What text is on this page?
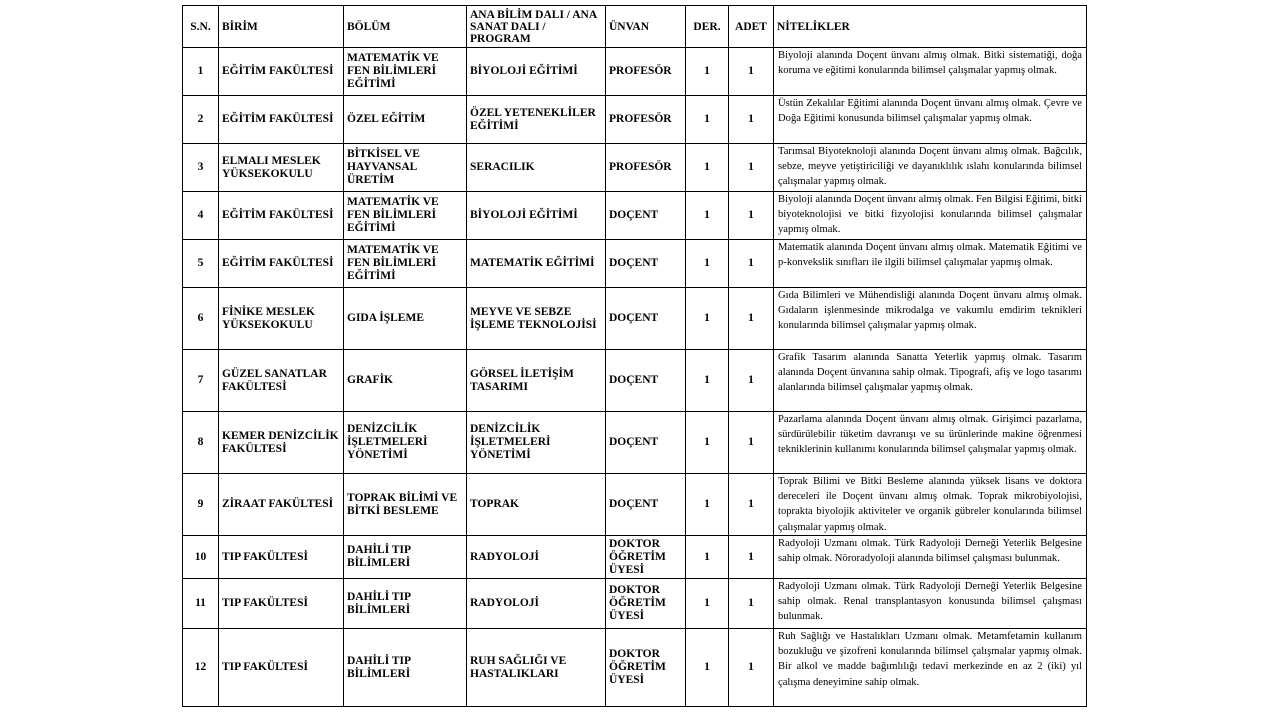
S.N.	BİRİM	BÖLÜM	ANA BİLİM DALI / ANA SANAT DALI / PROGRAM	ÜNVAN	DER.	ADET	NİTELİKLER
1	EĞİTİM FAKÜLTESİ	MATEMATİK VE FEN BİLİMLERİ EĞİTİMİ	BİYOLOJİ EĞİTİMİ	PROFESÖR	1	1	Biyoloji alanında Doçent ünvanı almış olmak. Bitki sistematiği, doğa koruma ve eğitimi konularında bilimsel çalışmalar yapmış olmak.
2	EĞİTİM FAKÜLTESİ	ÖZEL EĞİTİM	ÖZEL YETENEKLİLER EĞİTİMİ	PROFESÖR	1	1	Üstün Zekalılar Eğitimi alanında Doçent ünvanı almış olmak. Çevre ve Doğa Eğitimi konusunda bilimsel çalışmalar yapmış olmak.
3	ELMALI MESLEK YÜKSEKOKULU	BİTKİSEL VE HAYVANSAL ÜRETİM	SERACILIK	PROFESÖR	1	1	Tarımsal Biyoteknoloji alanında Doçent ünvanı almış olmak. Bağcılık, sebze, meyve yetiştiriciliği ve dayanıklılık ıslahı konularında bilimsel çalışmalar yapmış olmak.
4	EĞİTİM FAKÜLTESİ	MATEMATİK VE FEN BİLİMLERİ EĞİTİMİ	BİYOLOJİ EĞİTİMİ	DOÇENT	1	1	Biyoloji alanında Doçent ünvanı almış olmak. Fen Bilgisi Eğitimi, bitki biyoteknolojisi ve bitki fizyolojisi konularında bilimsel çalışmalar yapmış olmak.
5	EĞİTİM FAKÜLTESİ	MATEMATİK VE FEN BİLİMLERİ EĞİTİMİ	MATEMATİK EĞİTİMİ	DOÇENT	1	1	Matematik alanında Doçent ünvanı almış olmak. Matematik Eğitimi ve p-konvekslik sınıfları ile ilgili bilimsel çalışmalar yapmış olmak.
6	FİNİKE MESLEK YÜKSEKOKULU	GIDA İŞLEME	MEYVE VE SEBZE İŞLEME TEKNOLOJİSİ	DOÇENT	1	1	Gıda Bilimleri ve Mühendisliği alanında Doçent ünvanı almış olmak. Gıdaların işlenmesinde mikrodalga ve vakumlu emdirim teknikleri konularında bilimsel çalışmalar yapmış olmak.
7	GÜZEL SANATLAR FAKÜLTESİ	GRAFİK	GÖRSEL İLETİŞİM TASARIMI	DOÇENT	1	1	Grafik Tasarım alanında Sanatta Yeterlik yapmış olmak. Tasarım alanında Doçent ünvanına sahip olmak. Tipografi, afiş ve logo tasarımı alanlarında bilimsel çalışmalar yapmış olmak.
8	KEMER DENİZCİLİK FAKÜLTESİ	DENİZCİLİK İŞLETMELERİ YÖNETİMİ	DENİZCİLİK İŞLETMELERİ YÖNETİMİ	DOÇENT	1	1	Pazarlama alanında Doçent ünvanı almış olmak. Girişimci pazarlama, sürdürülebilir tüketim davranışı ve su ürünlerinde makine öğrenmesi tekniklerinin kullanımı konularında bilimsel çalışmalar yapmış olmak.
9	ZİRAAT FAKÜLTESİ	TOPRAK BİLİMİ VE BİTKİ BESLEME	TOPRAK	DOÇENT	1	1	Toprak Bilimi ve Bitki Besleme alanında yüksek lisans ve doktora dereceleri ile Doçent ünvanı almış olmak. Toprak mikrobiyolojisi, toprakta biyolojik aktiviteler ve organik gübreler konularında bilimsel çalışmalar yapmış olmak.
10	TIP FAKÜLTESİ	DAHİLİ TIP BİLİMLERİ	RADYOLOJİ	DOKTOR ÖĞRETİM ÜYESİ	1	1	Radyoloji Uzmanı olmak. Türk Radyoloji Derneği Yeterlik Belgesine sahip olmak. Nöroradyoloji alanında bilimsel çalışması bulunmak.
11	TIP FAKÜLTESİ	DAHİLİ TIP BİLİMLERİ	RADYOLOJİ	DOKTOR ÖĞRETİM ÜYESİ	1	1	Radyoloji Uzmanı olmak. Türk Radyoloji Derneği Yeterlik Belgesine sahip olmak. Renal transplantasyon konusunda bilimsel çalışması bulunmak.
12	TIP FAKÜLTESİ	DAHİLİ TIP BİLİMLERİ	RUH SAĞLIĞI VE HASTALIKLARI	DOKTOR ÖĞRETİM ÜYESİ	1	1	Ruh Sağlığı ve Hastalıkları Uzmanı olmak. Metamfetamin kullanım bozukluğu ve şizofreni konularında bilimsel çalışmalar yapmış olmak. Bir alkol ve madde bağımlılığı tedavi merkezinde en az 2 (iki) yıl çalışma deneyimine sahip olmak.
